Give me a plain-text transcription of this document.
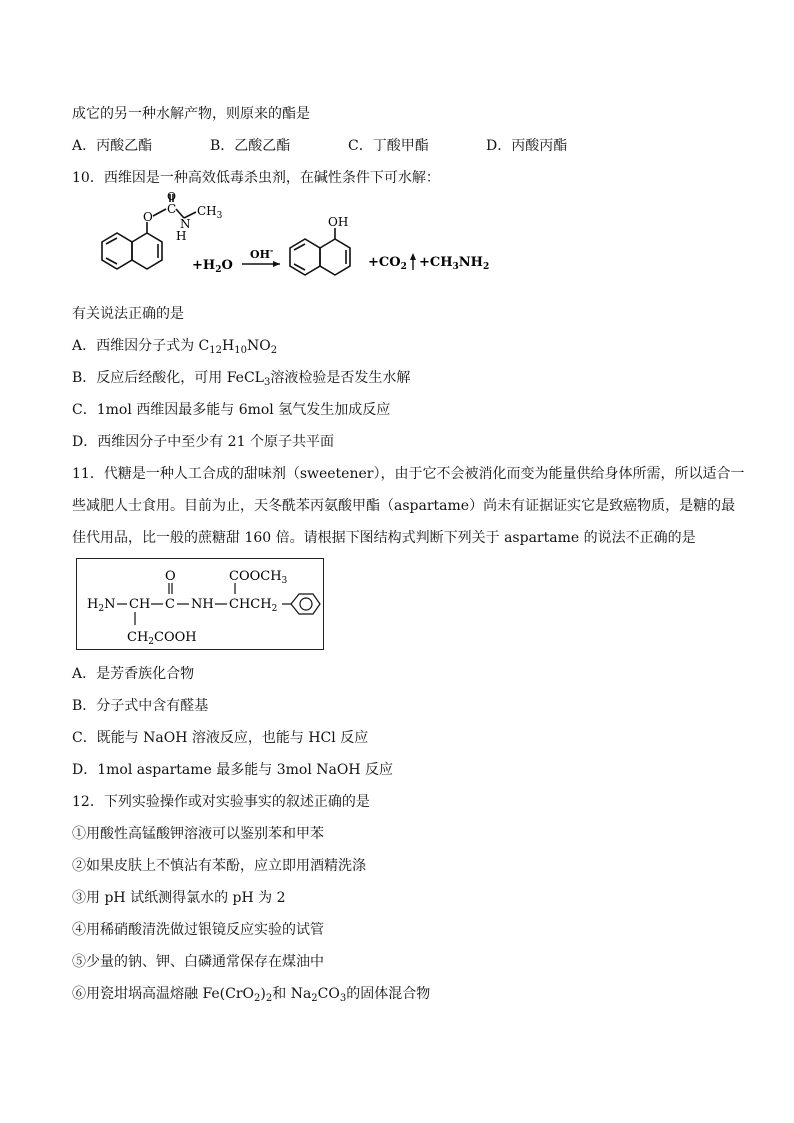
成它的另一种水解产物，则原来的酯是
A．丙酸乙酯	B．乙酸乙酯	C．丁酸甲酯	D．丙酸丙酯
10．西维因是一种高效低毒杀虫剂，在碱性条件下可水解：
O
C
O
N
H
$CH_3$
$+H_2O$
OH-
OH
$+CO_2 +CH_3NH_2$
有关说法正确的是
A．西维因分子式为 $C_{12}H_{10}NO_2$
B．反应后经酸化，可用 FeCL$_3$溶液检验是否发生水解
C．1mol 西维因最多能与 6mol 氢气发生加成反应
D．西维因分子中至少有 21 个原子共平面
11．代糖是一种人工合成的甜味剂（sweetener），由于它不会被消化而变为能量供给身体所需，所以适合一
些减肥人士食用。目前为止，天冬酰苯丙氨酸甲酯（aspartame）尚未有证据证实它是致癌物质，是糖的最
佳代用品，比一般的蔗糖甜 160 倍。请根据下图结构式判断下列关于 aspartame 的说法不正确的是
$H_2N$ CH C
O
NH $CHCH_2$
$COOCH_3$
$CH_2COOH$
A．是芳香族化合物
B．分子式中含有醛基
C．既能与 NaOH 溶液反应，也能与 HCl 反应
D．1mol aspartame 最多能与 3mol NaOH 反应
12．下列实验操作或对实验事实的叙述正确的是
①用酸性高锰酸钾溶液可以鉴别苯和甲苯
②如果皮肤上不慎沾有苯酚，应立即用酒精洗涤
③用 pH 试纸测得氯水的 pH 为 2
④用稀硝酸清洗做过银镜反应实验的试管
⑤少量的钠、钾、白磷通常保存在煤油中
⑥用瓷坩埚高温熔融 $Fe(CrO_2)_2$和 $Na_2CO_3$的固体混合物
